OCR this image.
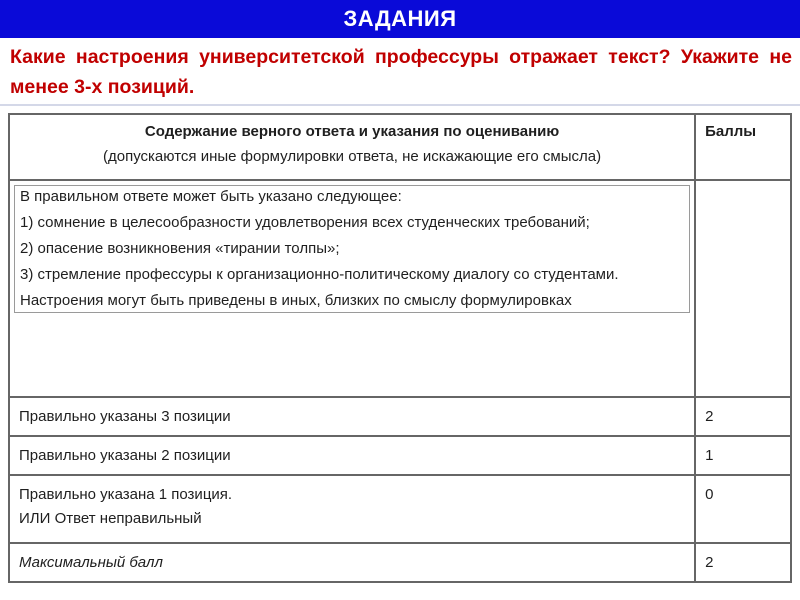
ЗАДАНИЯ
Какие настроения университетской профессуры отражает текст? Укажите не менее 3-х позиций.
Содержание верного ответа и указания по оцениванию
(допускаются иные формулировки ответа, не искажающие его смысла)	Баллы

В правильном ответе может быть указано следующее:

1) сомнение в целесообразности удовлетворения всех студенческих требований;

2) опасение возникновения «тирании толпы»;

3) стремление профессуры к организационно-политическому диалогу со студентами.

Настроения могут быть приведены в иных, близких по смыслу формулировках	

Правильно указаны 3 позиции	2
Правильно указаны 2 позиции	1

Правильно указана 1 позиция.
ИЛИ Ответ неправильный	0
Максимальный балл	2
